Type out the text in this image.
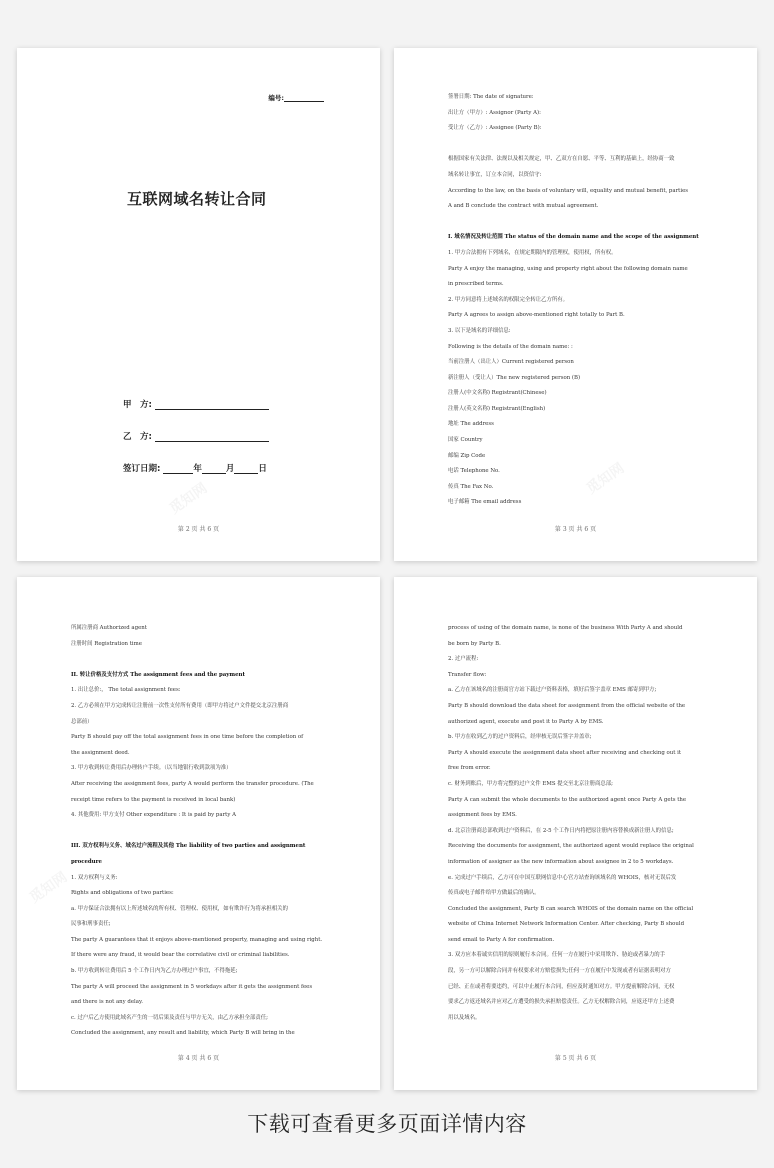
编号:
互联网域名转让合同
甲　方:
乙　方:
签订日期:	年	月	日
第 2 页 共 6 页
签署日期: The date of signature:
出让方（甲方）: Assignor (Party A):
受让方（乙方）: Assignee (Party B):
根据国家有关法律、法规以及相关规定，甲、乙双方在自愿、平等、互利的基础上，经协商一致
域名转让事宜，订立本合同，以资信守:
According to the law, on the basis of voluntary will, equality and mutual benefit, parties
A and B conclude the contract with mutual agreement.
I. 域名情况及转让范围 The status of the domain name and the scope of the assignment
1. 甲方合法拥有下列域名，在规定期限内的管理权，使用权，所有权。
Party A enjoy the managing, using and property right about the following domain name
in prescribed terms.
2. 甲方同意将上述域名的权限完全转让乙方所有。
Party A agrees to assign above-mentioned right totally to Part B.
3. 以下是域名的详细信息:
Following is the details of the domain name: :
当前注册人（出让人）Current registered person
新注册人（受让人）The new registered person (B)
注册人(中文名称) Registrant(Chinese)
注册人(英文名称) Registrant(English)
地址 The address
国家 Country
邮编 Zip Code
电话 Telephone No.
传真 The Fax No.
电子邮箱 The email address
第 3 页 共 6 页
所属注册商 Authorized agent
注册时间 Registration time
II. 转让价格及支付方式 The assignment fees and the payment
1. 出让总价:， The total assignment fees:
2. 乙方必须在甲方完成转让注册前一次性支付所有费用（即甲方将过户文件提交北京注册商
总部前）
Party B should pay off the total assignment fees in one time before the completion of
the assignment deed.
3. 甲方收到转让费用后办理转户手续。（以当地银行收到款项为准）
After receiving the assignment fees, party A would perform the transfer procedure. (The
receipt time refers to the payment is received in local bank)
4. 其他费用: 甲方支付 Other expenditure : It is paid by party A
III. 双方权利与义务、域名过户流程及其他 The liability of two parties and assignment
procedure
1. 双方权利与义务:
Rights and obligations of two parties:
a. 甲方保证合法拥有以上所述域名的所有权、管理权、使用权，如有欺诈行为将承担相关的
民事和刑事责任;
The party A guarantees that it enjoys above-mentioned property, managing and using right.
If there were any fraud, it would bear the correlative civil or criminal liabilities.
b. 甲方收到转让费用后 5 个工作日内为乙方办理过户事宜，不得拖延;
The party A will proceed the assignment in 5 workdays after it gets the assignment fees
and there is not any delay.
c. 过户后乙方使用此域名产生的一切后果及责任与甲方无关，由乙方承担全部责任;
Concluded the assignment, any result and liability, which Party B will bring in the
第 4 页 共 6 页
process of using of the domain name, is none of the business With Party A and should
be born by Party B.
2. 过户流程:
Transfer flow:
a. 乙方在该域名的注册商官方站下载过户资料表格，填好后签字盖章 EMS 邮寄到甲方;
Party B should download the data sheet for assignment from the official website of the
authorized agent, execute and post it to Party A by EMS.
b. 甲方在收到乙方的过户资料后，经审核无误后签字并盖章;
Party A should execute the assignment data sheet after receiving and checking out it
free from error.
c. 财务到账后，甲方将完整的过户文件 EMS 提交至北京注册商总部;
Party A can submit the whole documents to the authorized agent once Party A gets the
assignment fees by EMS.
d. 北京注册商总部收到过户资料后，在 2-5 个工作日内将把原注册内容替换成新注册人的信息;
Receiving the documents for assignment, the authorized agent would replace the original
information of assigner as the new information about assignee in 2 to 5 workdays.
e. 完成过户手续后，乙方可在中国互联网信息中心官方站查询该域名的 WHOIS，核对无误后发
传真或电子邮件给甲方做最后的确认。
Concluded the assignment, Party B can search WHOIS of the domain name on the official
website of China Internet Network Information Center. After checking, Party B should
send email to Party A for confirmation.
3. 双方应本着诚实信用的原则履行本合同。任何一方在履行中采用欺诈、胁迫或者暴力的手
段，另一方可以解除合同并有权要求对方赔偿损失;任何一方在履行中发现或者有证据表明对方
已经、正在或者将要违约，可以中止履行本合同，但应及时通知对方。甲方提前解除合同，无权
要求乙方返还域名并应对乙方遭受的损失承担赔偿责任。乙方无权解除合同，应返还甲方上述费
用以及域名。
第 5 页 共 6 页
下载可查看更多页面详情内容
